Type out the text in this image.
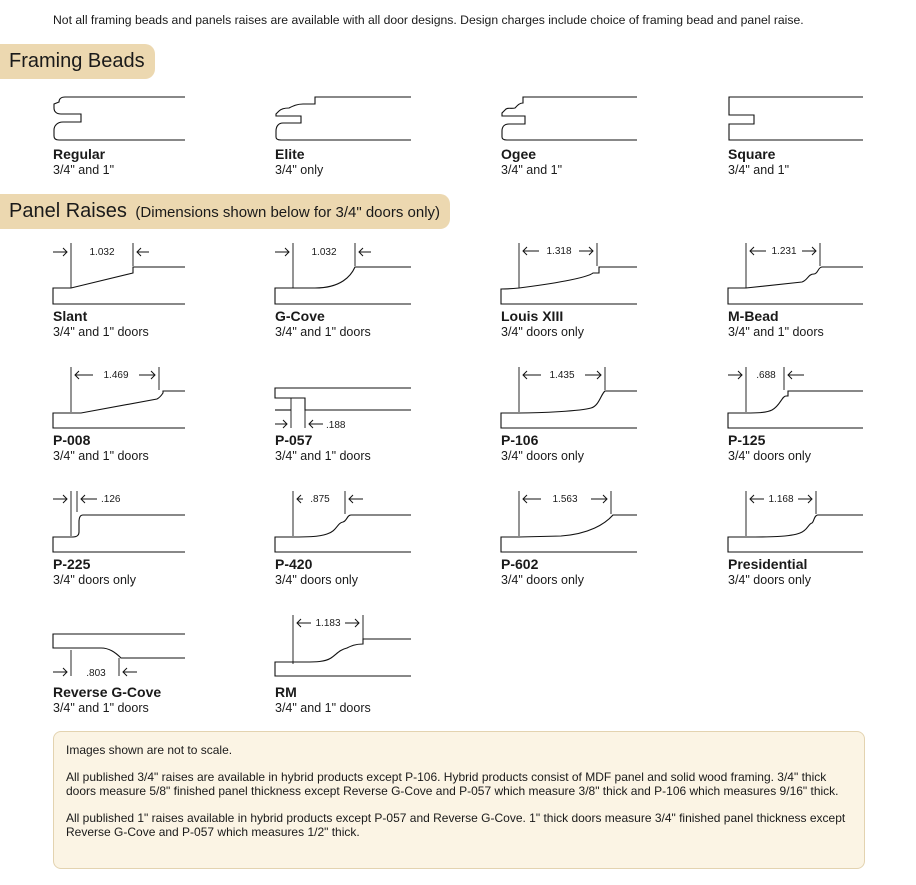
Not all framing beads and panels raises are available with all door designs. Design charges include choice of framing bead and panel raise.
Framing Beads
Regular
3/4" and 1"
Elite
3/4" only
Ogee
3/4" and 1"
Square
3/4" and 1"
Panel Raises (Dimensions shown below for 3/4" doors only)
1.032
Slant
3/4" and 1" doors
1.032
G-Cove
3/4" and 1" doors
1.318
Louis XIII
3/4" doors only
1.231
M-Bead
3/4" and 1" doors
1.469
P-008
3/4" and 1" doors
.188
P-057
3/4" and 1" doors
1.435
P-106
3/4" doors only
.688
P-125
3/4" doors only
.126
P-225
3/4" doors only
.875
P-420
3/4" doors only
1.563
P-602
3/4" doors only
1.168
Presidential
3/4" doors only
.803
Reverse G-Cove
3/4" and 1" doors
1.183
RM
3/4" and 1" doors

Images shown are not to scale.

All published 3/4" raises are available in hybrid products except P-106. Hybrid products consist of MDF panel and solid wood framing. 3/4" thick doors measure 5/8" finished panel thickness except Reverse G-Cove and P-057 which measure 3/8" thick and P-106 which measures 9/16" thick.

All published 1" raises available in hybrid products except P-057 and Reverse G-Cove. 1" thick doors measure 3/4" finished panel thickness except Reverse G-Cove and P-057 which measures 1/2" thick.
